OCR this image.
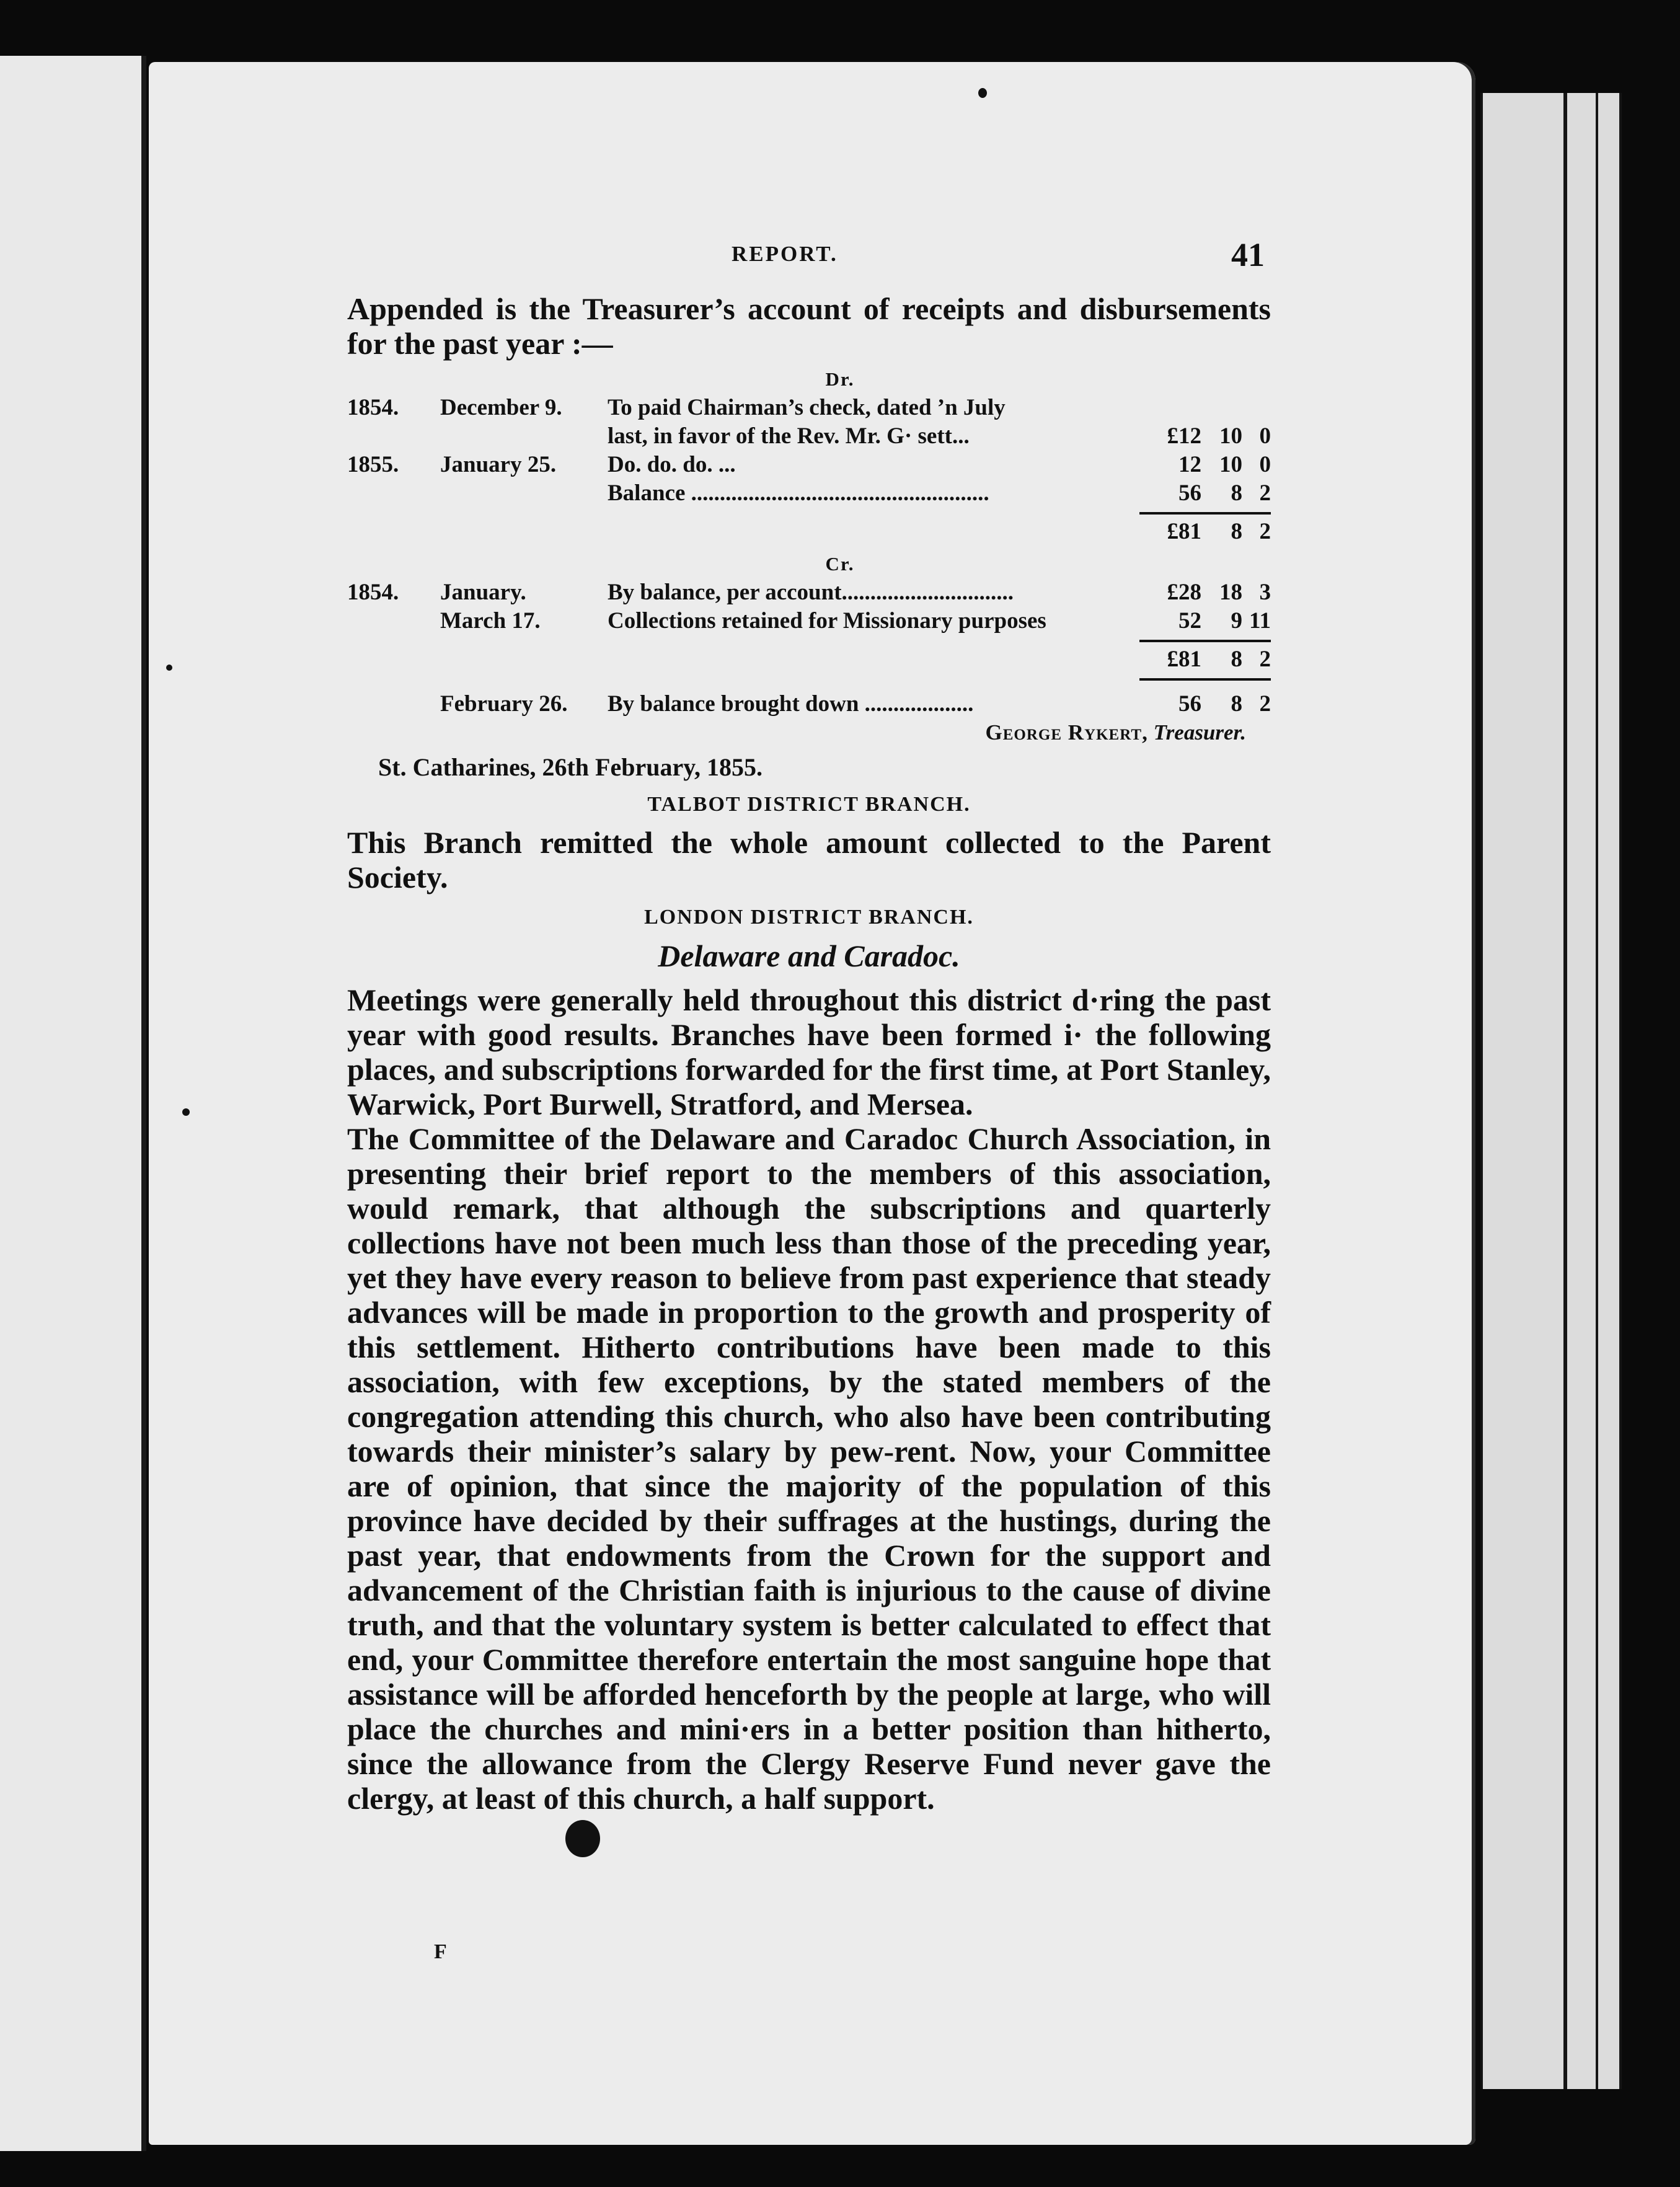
REPORT.	41

Appended is the Treasurer’s account of receipts and disbursements for the past year :—

Dr.
1854.	December 9.	To paid Chairman’s check, dated ’n July
last, in favor of the Rev. Mr. G· sett...	£12 10 0
1855.	January 25.	Do. do. do. ...	12 10 0
Balance ....................................................	56	8 2
£81	8 2
Cr.
1854.	January.	By balance, per account..............................	£28 18 3
March 17.	Collections retained for Missionary purposes	52	9 11
£81	8 2
February 26.	By balance brought down ...................	56	8 2
George Rykert, Treasurer.
St. Catharines, 26th February, 1855.
TALBOT DISTRICT BRANCH.

This Branch remitted the whole amount collected to the Parent Society.

LONDON DISTRICT BRANCH.
Delaware and Caradoc.

Meetings were generally held throughout this district d·ring the past year with good results. Branches have been formed i· the following places, and subscriptions forwarded for the first time, at Port Stanley, Warwick, Port Burwell, Stratford, and Mersea.

The Committee of the Delaware and Caradoc Church Association, in presenting their brief report to the members of this association, would remark, that although the subscriptions and quarterly collections have not been much less than those of the preceding year, yet they have every reason to believe from past experience that steady advances will be made in proportion to the growth and prosperity of this settlement. Hitherto contributions have been made to this association, with few exceptions, by the stated members of the congregation attending this church, who also have been contributing towards their minister’s salary by pew-rent. Now, your Committee are of opinion, that since the majority of the population of this province have decided by their suffrages at the hustings, during the past year, that endowments from the Crown for the support and advancement of the Christian faith is injurious to the cause of divine truth, and that the voluntary system is better calculated to effect that end, your Committee therefore entertain the most sanguine hope that assistance will be afforded henceforth by the people at large, who will place the churches and mini·ers in a better position than hitherto, since the allowance from the Clergy Reserve Fund never gave the clergy, at least of this church, a half support.

F
